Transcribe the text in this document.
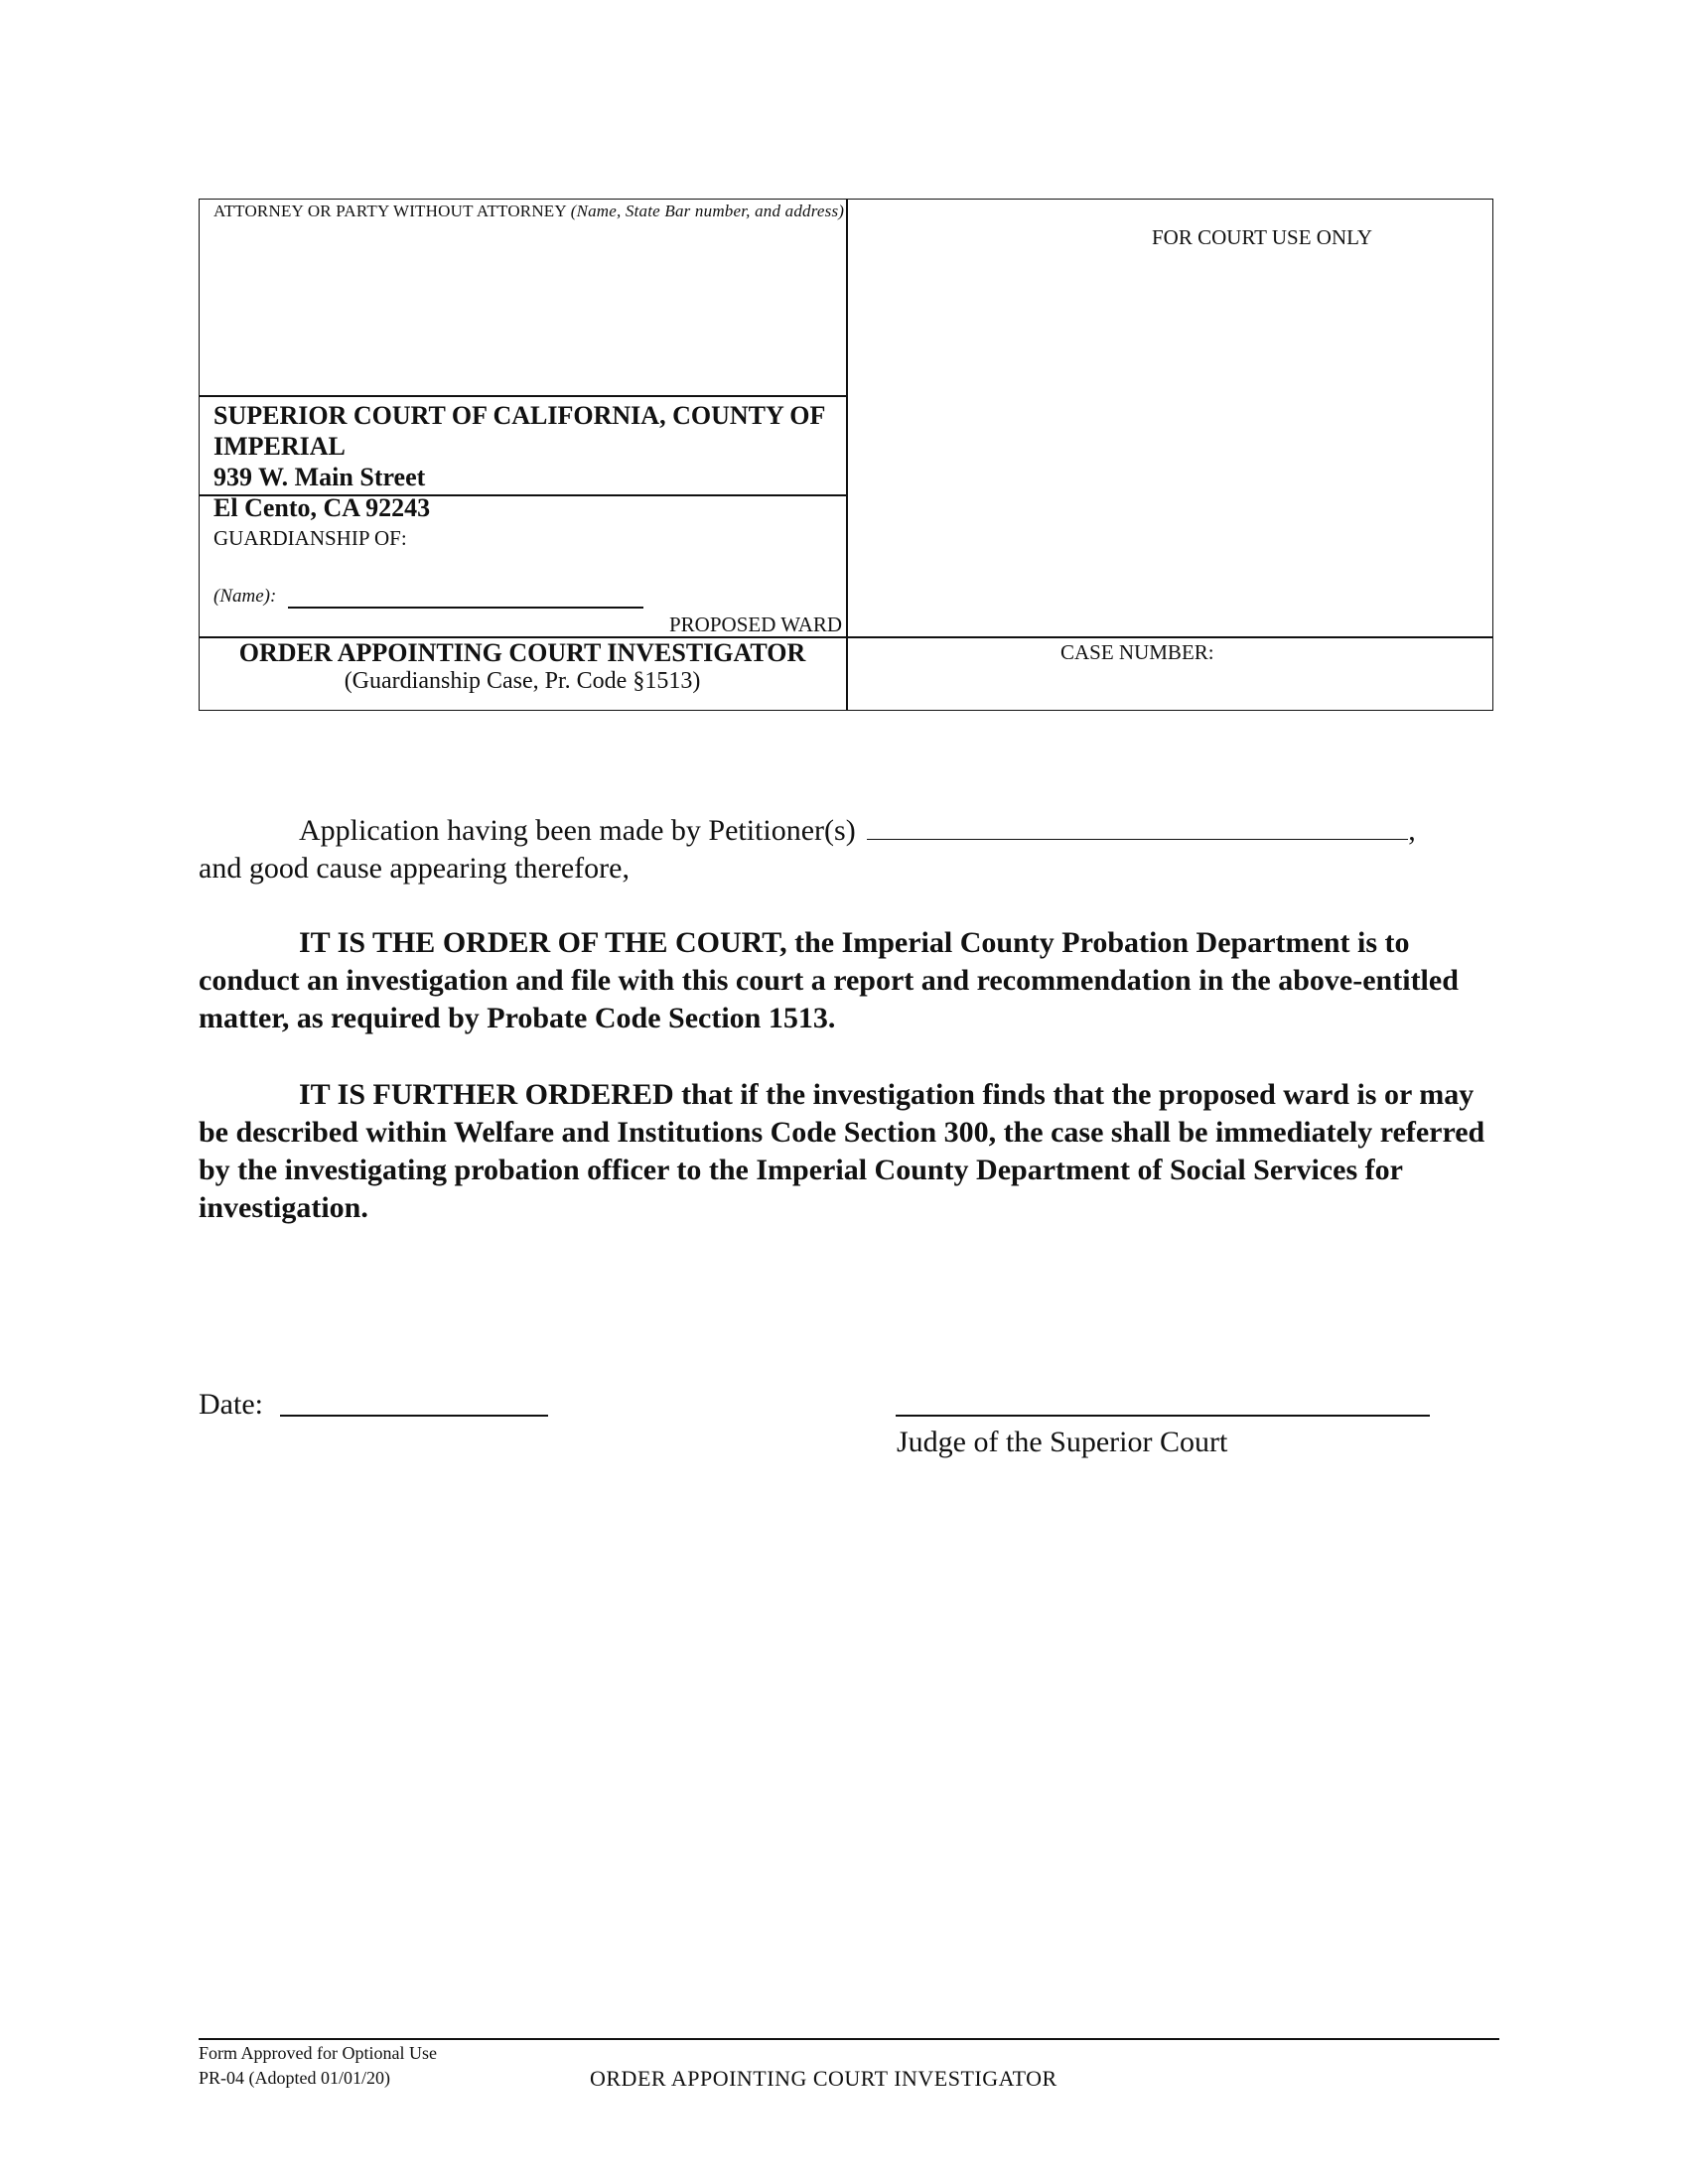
ATTORNEY OR PARTY WITHOUT ATTORNEY (Name, State Bar number, and address)
FOR COURT USE ONLY
SUPERIOR COURT OF CALIFORNIA, COUNTY OF IMPERIAL
939 W. Main Street
El Cento, CA 92243
GUARDIANSHIP OF:
(Name):
PROPOSED WARD
ORDER APPOINTING COURT INVESTIGATOR
(Guardianship Case, Pr. Code §1513)
CASE NUMBER:
Application having been made by Petitioner(s)	,
and good cause appearing therefore,
IT IS THE ORDER OF THE COURT, the Imperial County Probation Department is to conduct an investigation and file with this court a report and recommendation in the above-entitled matter, as required by Probate Code Section 1513.
IT IS FURTHER ORDERED that if the investigation finds that the proposed ward is or may be described within Welfare and Institutions Code Section 300, the case shall be immediately referred by the investigating probation officer to the Imperial County Department of Social Services for investigation.
Date:
Judge of the Superior Court
Form Approved for Optional Use
PR-04 (Adopted 01/01/20)	ORDER APPOINTING COURT INVESTIGATOR
